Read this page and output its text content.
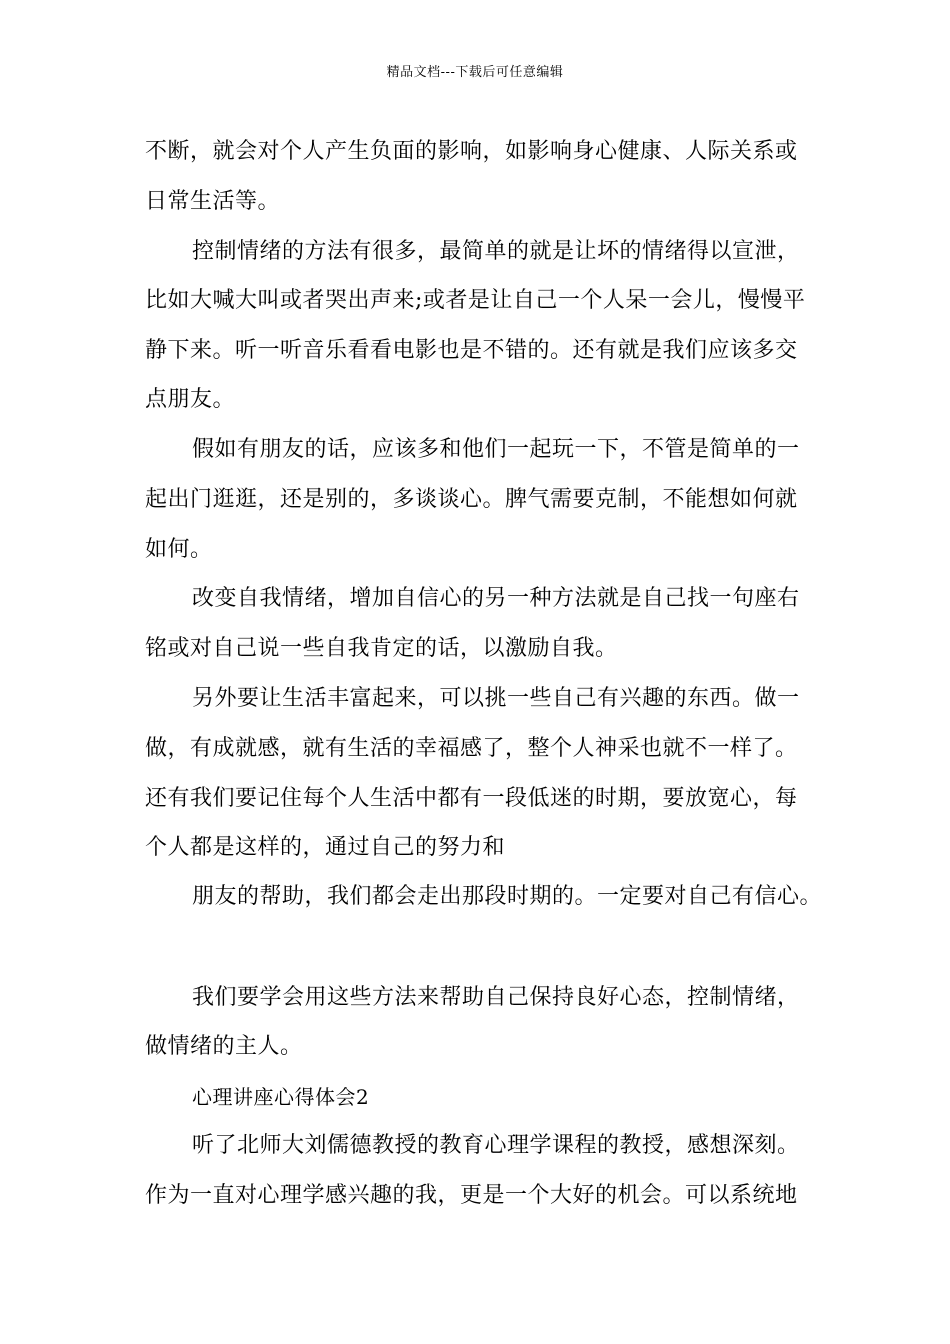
精品文档---下载后可任意编辑
不断，就会对个人产生负面的影响，如影响身心健康、人际关系或
日常生活等。
控制情绪的方法有很多，最简单的就是让坏的情绪得以宣泄，
比如大喊大叫或者哭出声来;或者是让自己一个人呆一会儿，慢慢平
静下来。听一听音乐看看电影也是不错的。还有就是我们应该多交
点朋友。
假如有朋友的话，应该多和他们一起玩一下，不管是简单的一
起出门逛逛，还是别的，多谈谈心。脾气需要克制，不能想如何就
如何。
改变自我情绪，增加自信心的另一种方法就是自己找一句座右
铭或对自己说一些自我肯定的话，以激励自我。
另外要让生活丰富起来，可以挑一些自己有兴趣的东西。做一
做，有成就感，就有生活的幸福感了，整个人神采也就不一样了。
还有我们要记住每个人生活中都有一段低迷的时期，要放宽心，每
个人都是这样的，通过自己的努力和
朋友的帮助，我们都会走出那段时期的。一定要对自己有信心。
我们要学会用这些方法来帮助自己保持良好心态，控制情绪，
做情绪的主人。
心理讲座心得体会2
听了北师大刘儒德教授的教育心理学课程的教授，感想深刻。
作为一直对心理学感兴趣的我，更是一个大好的机会。可以系统地
